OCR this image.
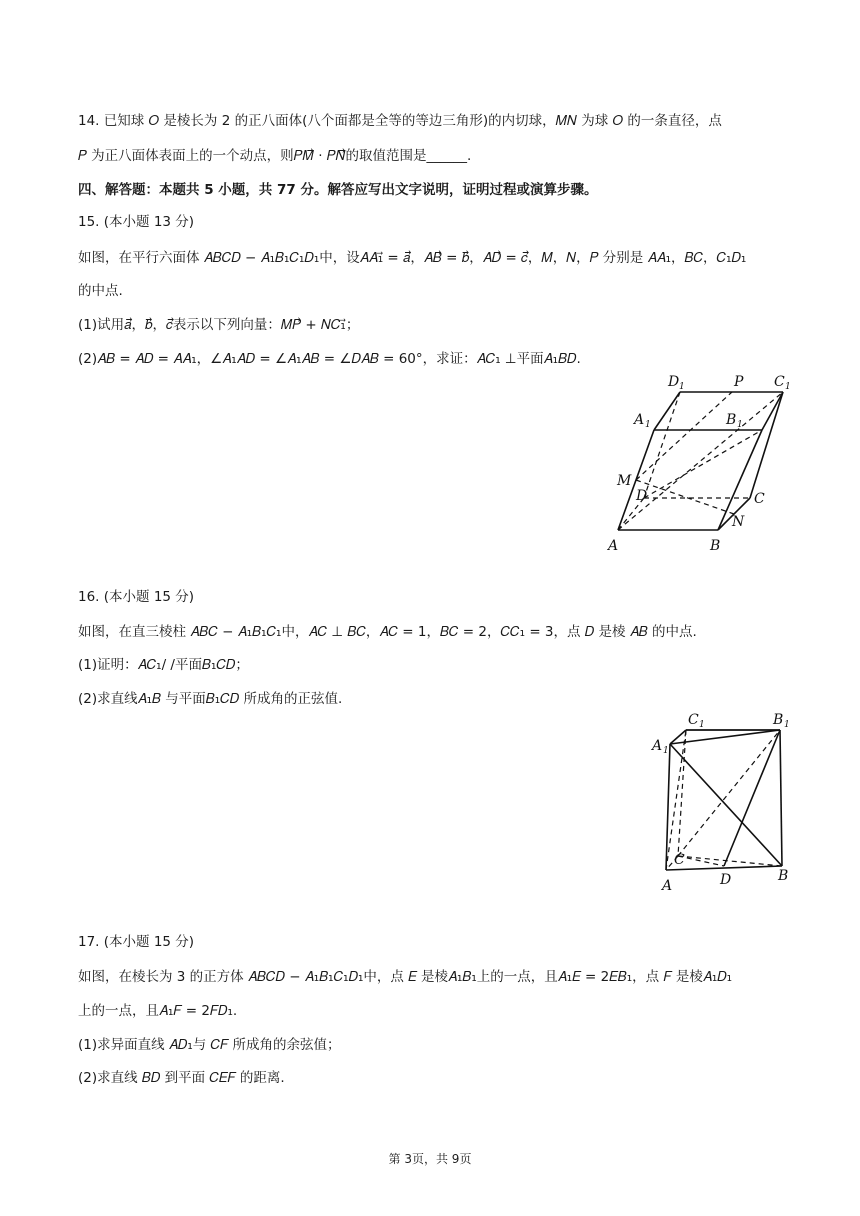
14. 已知球 𝑂 是棱长为 2 的正八面体(八个面都是全等的等边三角形)的内切球，𝑀𝑁 为球 𝑂 的一条直径，点
𝑃 为正八面体表面上的一个动点，则𝑃𝑀⃗ · 𝑃𝑁⃗的取值范围是______.
四、解答题：本题共 5 小题，共 77 分。解答应写出文字说明，证明过程或演算步骤。
15. (本小题 13 分)
如图，在平行六面体 𝐴𝐵𝐶𝐷 − 𝐴₁𝐵₁𝐶₁𝐷₁中，设𝐴𝐴₁⃗ = 𝑎⃗，𝐴𝐵⃗ = 𝑏⃗，𝐴𝐷⃗ = 𝑐⃗，𝑀，𝑁，𝑃 分别是 𝐴𝐴₁，𝐵𝐶，𝐶₁𝐷₁
的中点.
(1)试用𝑎⃗，𝑏⃗，𝑐⃗表示以下列向量：𝑀𝑃⃗ + 𝑁𝐶₁⃗；
(2)𝐴𝐵 = 𝐴𝐷 = 𝐴𝐴₁，∠𝐴₁𝐴𝐷 = ∠𝐴₁𝐴𝐵 = ∠𝐷𝐴𝐵 = 60°，求证：𝐴𝐶₁ ⊥平面𝐴₁𝐵𝐷.
D 1	P C 1
A 1	B 1
M
D	C
N
A	B
16. (本小题 15 分)
如图，在直三棱柱 𝐴𝐵𝐶 − 𝐴₁𝐵₁𝐶₁中，𝐴𝐶 ⊥ 𝐵𝐶，𝐴𝐶 = 1，𝐵𝐶 = 2，𝐶𝐶₁ = 3，点 𝐷 是棱 𝐴𝐵 的中点.
(1)证明：𝐴𝐶₁/ /平面𝐵₁𝐶𝐷；
(2)求直线𝐴₁𝐵 与平面𝐵₁𝐶𝐷 所成角的正弦值.
C 1	B 1
A 1
C
D	B
A
17. (本小题 15 分)
如图，在棱长为 3 的正方体 𝐴𝐵𝐶𝐷 − 𝐴₁𝐵₁𝐶₁𝐷₁中，点 𝐸 是棱𝐴₁𝐵₁上的一点，且𝐴₁𝐸 = 2𝐸𝐵₁，点 𝐹 是棱𝐴₁𝐷₁
上的一点，且𝐴₁𝐹 = 2𝐹𝐷₁.
(1)求异面直线 𝐴𝐷₁与 𝐶𝐹 所成角的余弦值；
(2)求直线 𝐵𝐷 到平面 𝐶𝐸𝐹 的距离.
第 3页，共 9页
